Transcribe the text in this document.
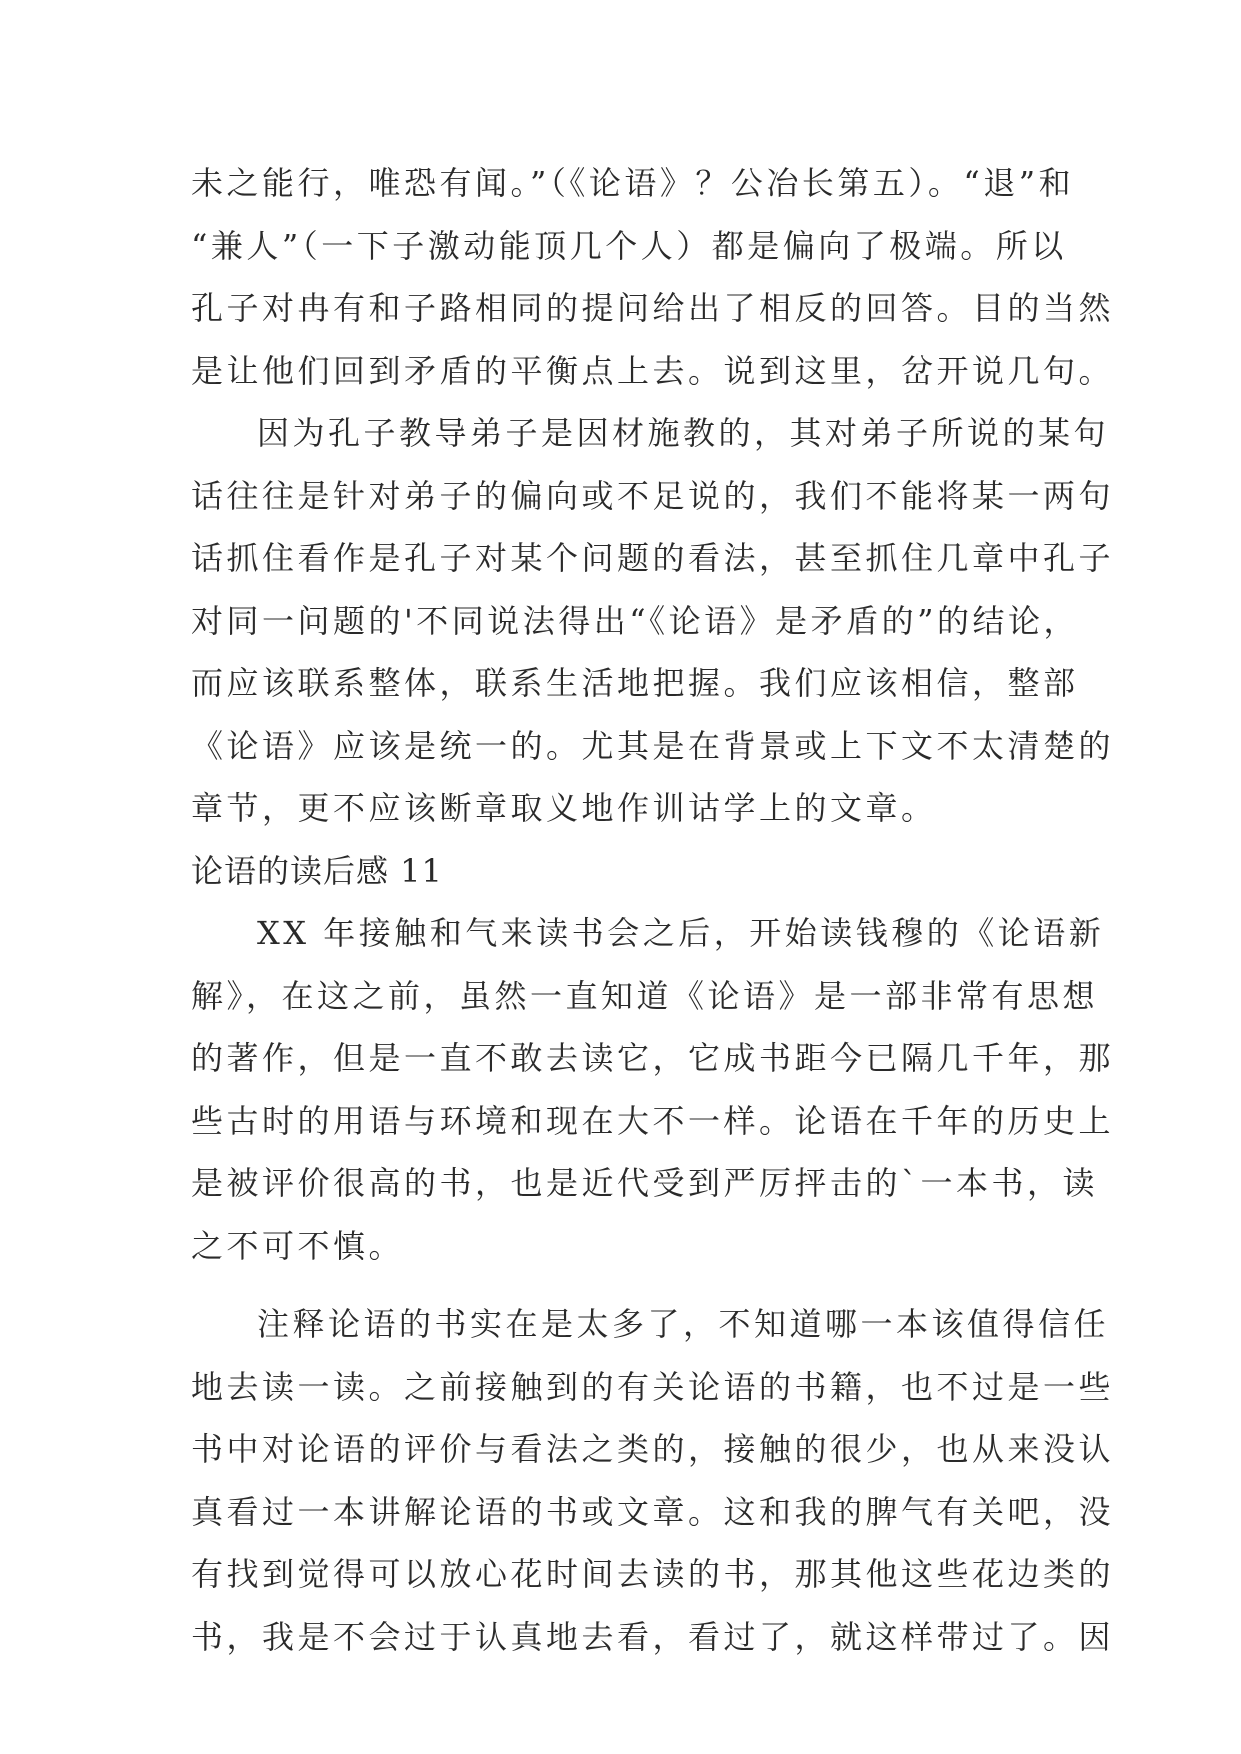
未之能行，唯恐有闻。”（《论语》？公冶长第五）。“退”和
“兼人”（一下子激动能顶几个人）都是偏向了极端。所以
孔子对冉有和子路相同的提问给出了相反的回答。目的当然
是让他们回到矛盾的平衡点上去。说到这里，岔开说几句。
因为孔子教导弟子是因材施教的，其对弟子所说的某句
话往往是针对弟子的偏向或不足说的，我们不能将某一两句
话抓住看作是孔子对某个问题的看法，甚至抓住几章中孔子
对同一问题的'不同说法得出“《论语》是矛盾的”的结论，
而应该联系整体，联系生活地把握。我们应该相信，整部
《论语》应该是统一的。尤其是在背景或上下文不太清楚的
章节，更不应该断章取义地作训诂学上的文章。
论语的读后感 11
XX 年接触和气来读书会之后，开始读钱穆的《论语新
解》，在这之前，虽然一直知道《论语》是一部非常有思想
的著作，但是一直不敢去读它，它成书距今已隔几千年，那
些古时的用语与环境和现在大不一样。论语在千年的历史上
是被评价很高的书，也是近代受到严厉抨击的`一本书，读
之不可不慎。
注释论语的书实在是太多了，不知道哪一本该值得信任
地去读一读。之前接触到的有关论语的书籍，也不过是一些
书中对论语的评价与看法之类的，接触的很少，也从来没认
真看过一本讲解论语的书或文章。这和我的脾气有关吧，没
有找到觉得可以放心花时间去读的书，那其他这些花边类的
书，我是不会过于认真地去看，看过了，就这样带过了。因
